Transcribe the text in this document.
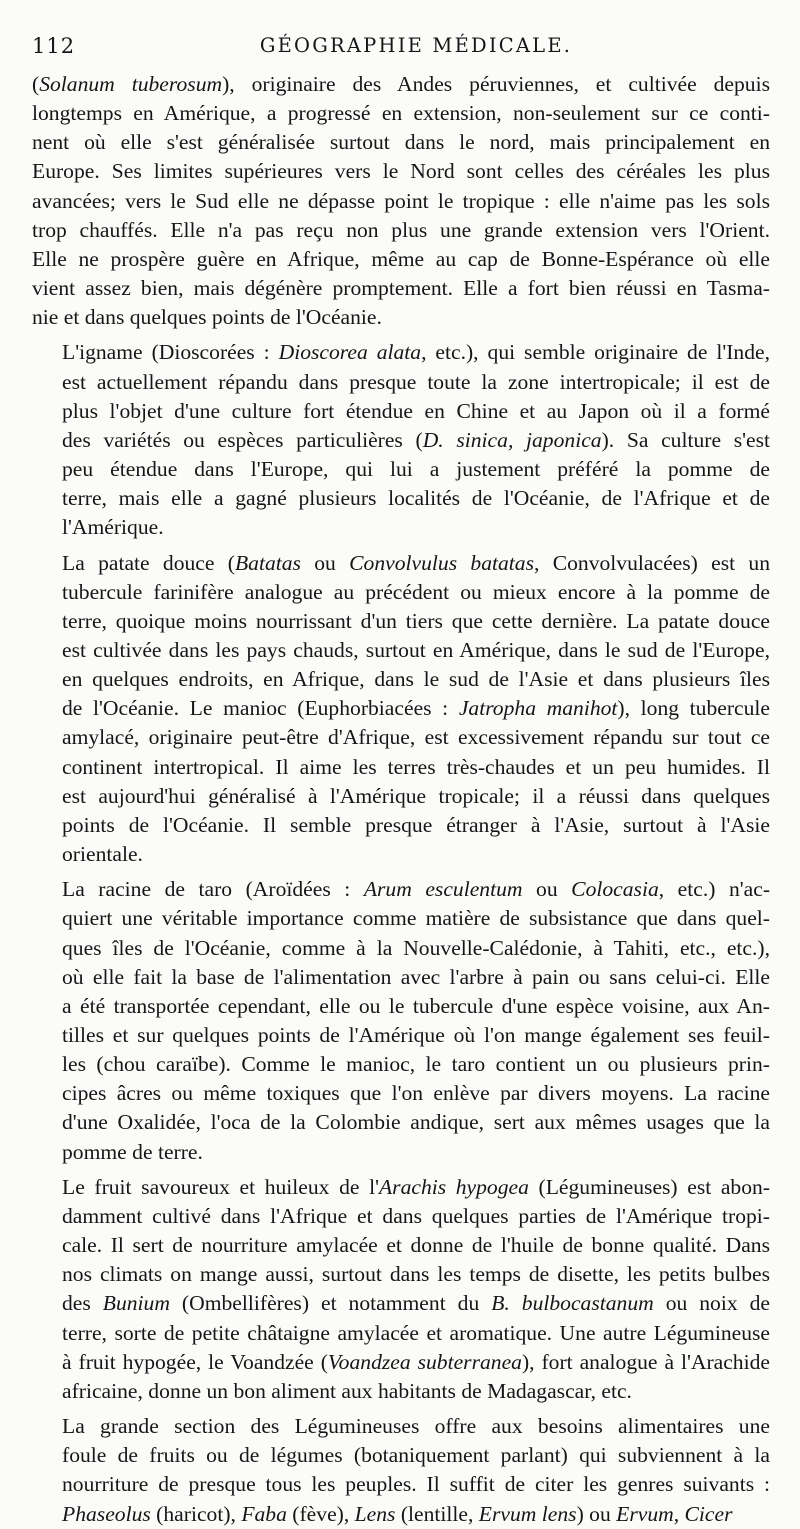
112	GÉOGRAPHIE MÉDICALE.

(Solanum tuberosum), originaire des Andes péruviennes, et cultivée depuis
longtemps en Amérique, a progressé en extension, non-seulement sur ce conti-
nent où elle s'est généralisée surtout dans le nord, mais principalement en
Europe. Ses limites supérieures vers le Nord sont celles des céréales les plus
avancées; vers le Sud elle ne dépasse point le tropique : elle n'aime pas les sols
trop chauffés. Elle n'a pas reçu non plus une grande extension vers l'Orient.
Elle ne prospère guère en Afrique, même au cap de Bonne-Espérance où elle
vient assez bien, mais dégénère promptement. Elle a fort bien réussi en Tasma-
nie et dans quelques points de l'Océanie.

L'igname (Dioscorées : Dioscorea alata, etc.), qui semble originaire de l'Inde,
est actuellement répandu dans presque toute la zone intertropicale; il est de
plus l'objet d'une culture fort étendue en Chine et au Japon où il a formé
des variétés ou espèces particulières (D. sinica, japonica). Sa culture s'est
peu étendue dans l'Europe, qui lui a justement préféré la pomme de
terre, mais elle a gagné plusieurs localités de l'Océanie, de l'Afrique et de
l'Amérique.

La patate douce (Batatas ou Convolvulus batatas, Convolvulacées) est un
tubercule farinifère analogue au précédent ou mieux encore à la pomme de
terre, quoique moins nourrissant d'un tiers que cette dernière. La patate douce
est cultivée dans les pays chauds, surtout en Amérique, dans le sud de l'Europe,
en quelques endroits, en Afrique, dans le sud de l'Asie et dans plusieurs îles
de l'Océanie. Le manioc (Euphorbiacées : Jatropha manihot), long tubercule
amylacé, originaire peut-être d'Afrique, est excessivement répandu sur tout ce
continent intertropical. Il aime les terres très-chaudes et un peu humides. Il
est aujourd'hui généralisé à l'Amérique tropicale; il a réussi dans quelques
points de l'Océanie. Il semble presque étranger à l'Asie, surtout à l'Asie
orientale.

La racine de taro (Aroïdées : Arum esculentum ou Colocasia, etc.) n'ac-
quiert une véritable importance comme matière de subsistance que dans quel-
ques îles de l'Océanie, comme à la Nouvelle-Calédonie, à Tahiti, etc., etc.),
où elle fait la base de l'alimentation avec l'arbre à pain ou sans celui-ci. Elle
a été transportée cependant, elle ou le tubercule d'une espèce voisine, aux An-
tilles et sur quelques points de l'Amérique où l'on mange également ses feuil-
les (chou caraïbe). Comme le manioc, le taro contient un ou plusieurs prin-
cipes âcres ou même toxiques que l'on enlève par divers moyens. La racine
d'une Oxalidée, l'oca de la Colombie andique, sert aux mêmes usages que la
pomme de terre.

Le fruit savoureux et huileux de l'Arachis hypogea (Légumineuses) est abon-
damment cultivé dans l'Afrique et dans quelques parties de l'Amérique tropi-
cale. Il sert de nourriture amylacée et donne de l'huile de bonne qualité. Dans
nos climats on mange aussi, surtout dans les temps de disette, les petits bulbes
des Bunium (Ombellifères) et notamment du B. bulbocastanum ou noix de
terre, sorte de petite châtaigne amylacée et aromatique. Une autre Légumineuse
à fruit hypogée, le Voandzée (Voandzea subterranea), fort analogue à l'Arachide
africaine, donne un bon aliment aux habitants de Madagascar, etc.

La grande section des Légumineuses offre aux besoins alimentaires une
foule de fruits ou de légumes (botaniquement parlant) qui subviennent à la
nourriture de presque tous les peuples. Il suffit de citer les genres suivants :
Phaseolus (haricot), Faba (fève), Lens (lentille, Ervum lens) ou Ervum, Cicer
